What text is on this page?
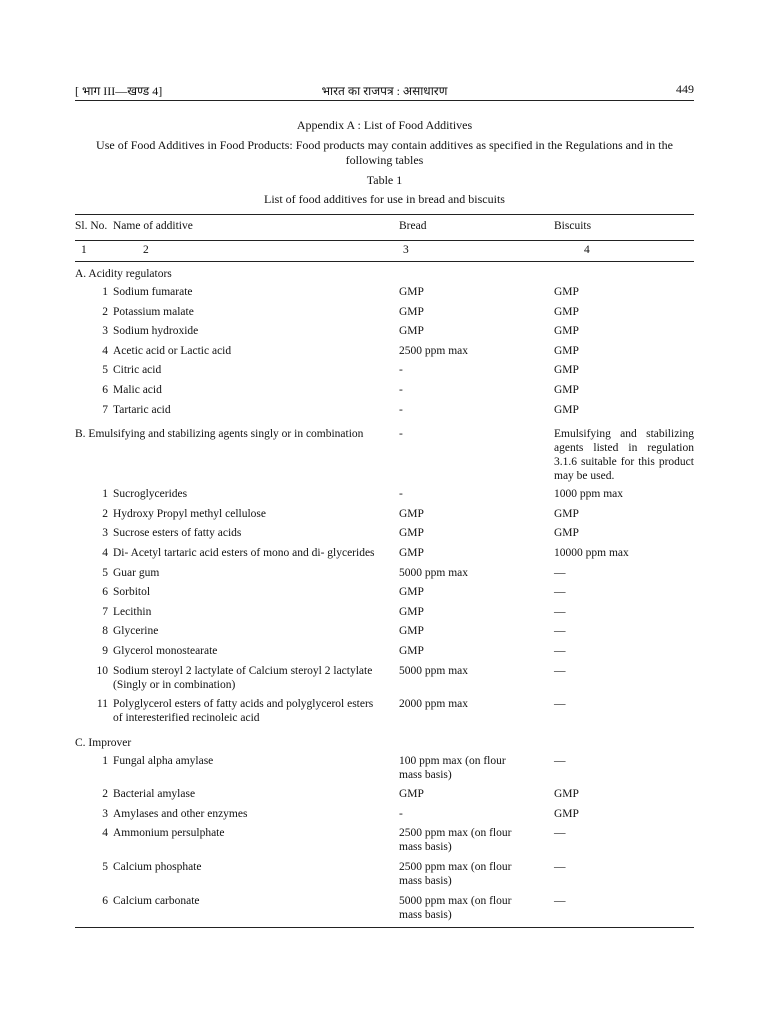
[ भाग III—खण्ड 4]	भारत का राजपत्र : असाधारण	449
Appendix A : List of Food Additives
Use of Food Additives in Food Products: Food products may contain additives as specified in the Regulations and in the following tables
Table 1
List of food additives for use in bread and biscuits
Sl. No.	Name of additive	Bread	Biscuits
1	2	3	4
A. Acidity regulators			
1	Sodium fumarate	GMP	GMP
2	Potassium malate	GMP	GMP
3	Sodium hydroxide	GMP	GMP
4	Acetic acid or Lactic acid	2500 ppm max	GMP
5	Citric acid	-	GMP
6	Malic acid	-	GMP
7	Tartaric acid	-	GMP
B. Emulsifying and stabilizing agents singly or in combination		-	Emulsifying and stabilizing agents listed in regulation 3.1.6 suitable for this product may be used.
1	Sucroglycerides	-	1000 ppm max
2	Hydroxy Propyl methyl cellulose	GMP	GMP
3	Sucrose esters of fatty acids	GMP	GMP
4	Di- Acetyl tartaric acid esters of mono and di- glycerides	GMP	10000 ppm max
5	Guar gum	5000 ppm max	—
6	Sorbitol	GMP	—
7	Lecithin	GMP	—
8	Glycerine	GMP	—
9	Glycerol monostearate	GMP	—
10	Sodium steroyl 2 lactylate of Calcium steroyl 2 lactylate (Singly or in combination)	5000 ppm max	—
11	Polyglycerol esters of fatty acids and polyglycerol esters of interesterified recinoleic acid	2000 ppm max	—
C. Improver			
1	Fungal alpha amylase	100 ppm max (on flour mass basis)	—
2	Bacterial amylase	GMP	GMP
3	Amylases and other enzymes	-	GMP
4	Ammonium persulphate	2500 ppm max (on flour mass basis)	—
5	Calcium phosphate	2500 ppm max (on flour mass basis)	—
6	Calcium carbonate	5000 ppm max (on flour mass basis)	—
